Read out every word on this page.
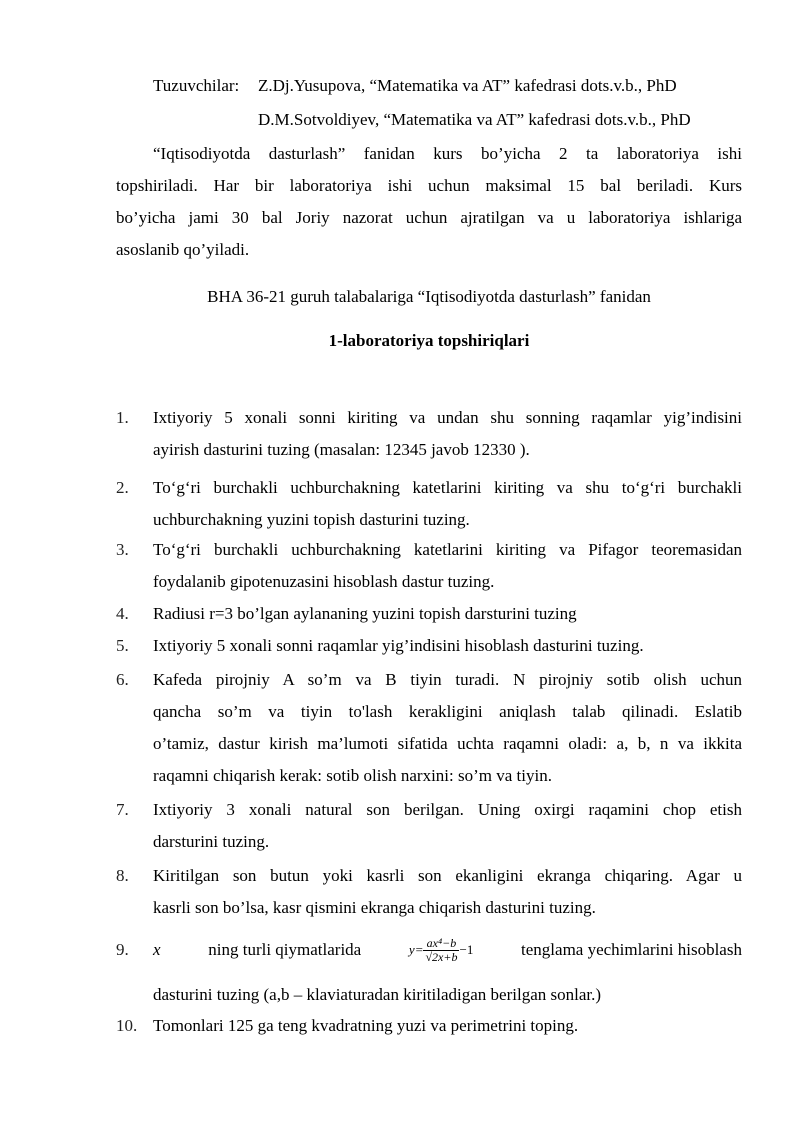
Tuzuvchilar: Z.Dj.Yusupova, “Matematika va AT” kafedrasi dots.v.b., PhD
D.M.Sotvoldiyev, “Matematika va AT” kafedrasi dots.v.b., PhD
“Iqtisodiyotda dasturlash” fanidan kurs bo’yicha 2 ta laboratoriya ishi
topshiriladi. Har bir laboratoriya ishi uchun maksimal 15 bal beriladi. Kurs
bo’yicha jami 30 bal Joriy nazorat uchun ajratilgan va u laboratoriya ishlariga
asoslanib qo’yiladi.
BHA 36-21 guruh talabalariga “Iqtisodiyotda dasturlash” fanidan
1-laboratoriya topshiriqlari
1. Ixtiyoriy 5 xonali sonni kiriting va undan shu sonning raqamlar yig’indisini
ayirish dasturini tuzing (masalan: 12345 javob 12330 ).
2. To‘g‘ri burchakli uchburchakning katetlarini kiriting va shu to‘g‘ri burchakli
uchburchakning yuzini topish dasturini tuzing.
3. To‘g‘ri burchakli uchburchakning katetlarini kiriting va Pifagor teoremasidan
foydalanib gipotenuzasini hisoblash dastur tuzing.
4. Radiusi r=3 bo’lgan aylananing yuzini topish darsturini tuzing
5. Ixtiyoriy 5 xonali sonni raqamlar yig’indisini hisoblash dasturini tuzing.
6. Kafeda pirojniy A so’m va B tiyin turadi. N pirojniy sotib olish uchun
qancha so’m va tiyin to'lash kerakligini aniqlash talab qilinadi. Eslatib
o’tamiz, dastur kirish ma’lumoti sifatida uchta raqamni oladi: a, b, n va ikkita
raqamni chiqarish kerak: sotib olish narxini: so’m va tiyin.
7. Ixtiyoriy 3 xonali natural son berilgan. Uning oxirgi raqamini chop etish
darsturini tuzing.
8. Kiritilgan son butun yoki kasrli son ekanligini ekranga chiqaring. Agar u
kasrli son bo’lsa, kasr qismini ekranga chiqarish dasturini tuzing.
9. x	ning turli qiymatlarida	$y= \frac{\text{ax⁴−b}}{√2x+b} -1$	tenglama yechimlarini hisoblash
dasturini tuzing (a,b – klaviaturadan kiritiladigan berilgan sonlar.)
10. Tomonlari 125 ga teng kvadratning yuzi va perimetrini toping.
